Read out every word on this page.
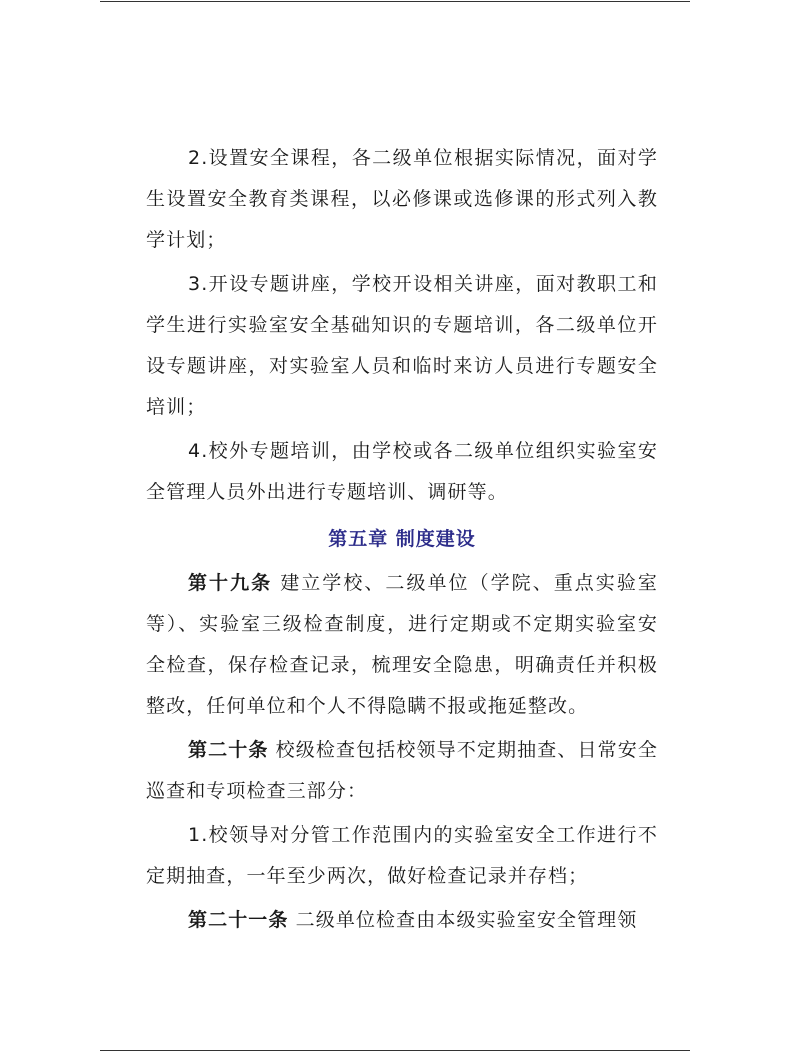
2.设置安全课程，各二级单位根据实际情况，面对学生设置安全教育类课程，以必修课或选修课的形式列入教学计划；

3.开设专题讲座，学校开设相关讲座，面对教职工和学生进行实验室安全基础知识的专题培训，各二级单位开设专题讲座，对实验室人员和临时来访人员进行专题安全培训；

4.校外专题培训，由学校或各二级单位组织实验室安全管理人员外出进行专题培训、调研等。

第五章 制度建设

第十九条 建立学校、二级单位（学院、重点实验室等）、实验室三级检查制度，进行定期或不定期实验室安全检查，保存检查记录，梳理安全隐患，明确责任并积极整改，任何单位和个人不得隐瞒不报或拖延整改。

第二十条 校级检查包括校领导不定期抽查、日常安全巡查和专项检查三部分：

1.校领导对分管工作范围内的实验室安全工作进行不定期抽查，一年至少两次，做好检查记录并存档；

第二十一条 二级单位检查由本级实验室安全管理领
